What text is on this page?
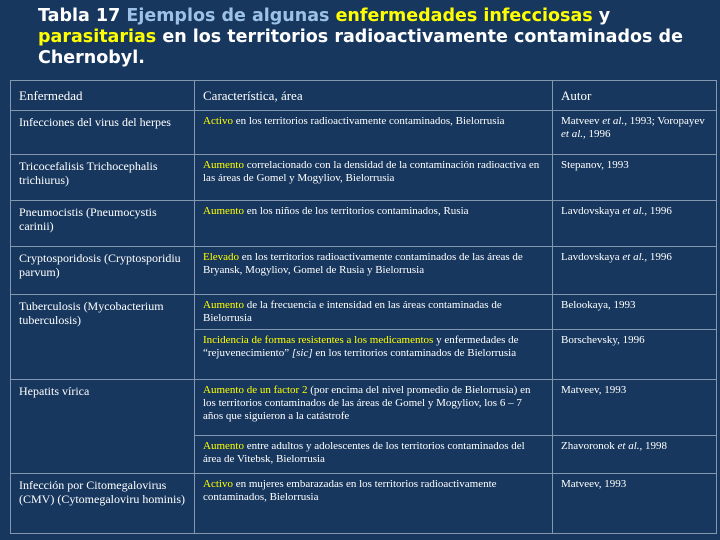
Tabla 17 Ejemplos de algunas enfermedades infecciosas y parasitarias en los territorios radioactivamente contaminados de Chernobyl.
Enfermedad	Característica, área	Autor
Infecciones del virus del herpes	Activo en los territorios radioactivamente contaminados, Bielorrusia	Matveev et al., 1993; Voropayev et al., 1996
Tricocefalisis Trichocephalis trichiurus)	Aumento correlacionado con la densidad de la contaminación radioactiva en las áreas de Gomel y Mogyliov, Bielorrusia	Stepanov, 1993
Pneumocistis (Pneumocystis carinii)	Aumento en los niños de los territorios contaminados, Rusia	Lavdovskaya et al., 1996
Cryptosporidosis (Cryptosporidiu parvum)	Elevado en los territorios radioactivamente contaminados de las áreas de Bryansk, Mogyliov, Gomel de Rusia y Bielorrusia	Lavdovskaya et al., 1996
Tuberculosis (Mycobacterium tuberculosis)	Aumento de la frecuencia e intensidad en las áreas contaminadas de Bielorrusia	Belookaya, 1993
	Incidencia de formas resistentes a los medicamentos y enfermedades de “rejuvenecimiento” [sic] en los territorios contaminados de Bielorrusia	Borschevsky, 1996
Hepatits vírica	Aumento de un factor 2 (por encima del nivel promedio de Bielorrusia) en los territorios contaminados de las áreas de Gomel y Mogyliov, los 6 – 7 años que siguieron a la catástrofe	Matveev, 1993
	Aumento entre adultos y adolescentes de los territorios contaminados del área de Vitebsk, Bielorrusia	Zhavoronok et al., 1998
Infección por Citomegalovirus (CMV) (Cytomegaloviru hominis)	Activo en mujeres embarazadas en los territorios radioactivamente contaminados, Bielorrusia	Matveev, 1993
